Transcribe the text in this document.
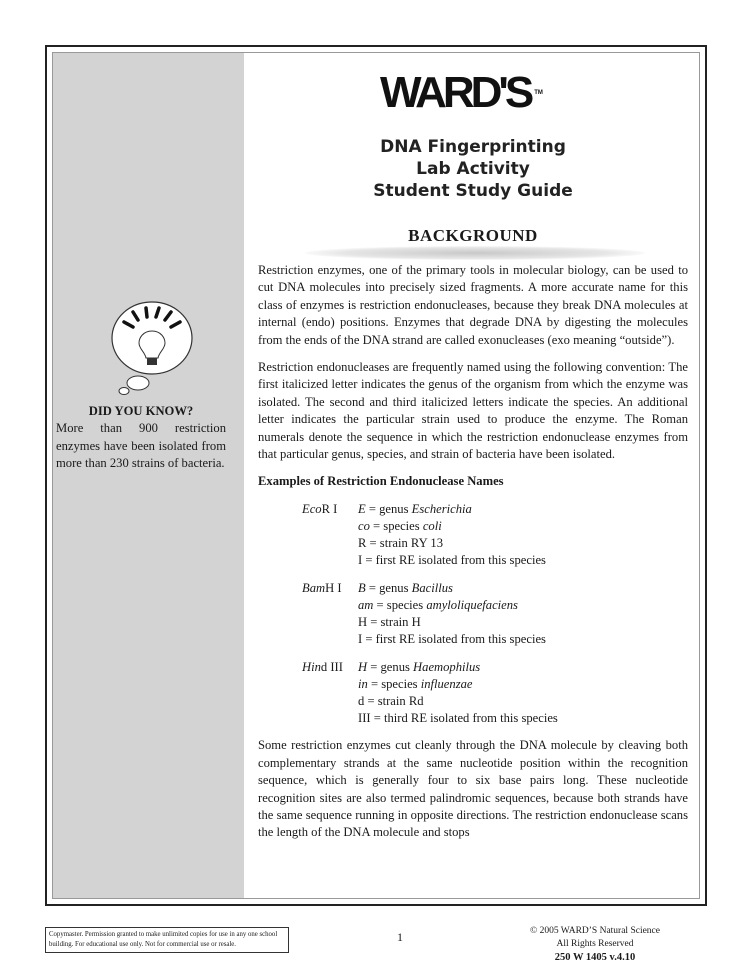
WARD'S ™
DNA Fingerprinting
Lab Activity
Student Study Guide
BACKGROUND
DID YOU KNOW?
More than 900 restriction enzymes have been isolated from more than 230 strains of bacteria.

Restriction enzymes, one of the primary tools in molecular biology, can be used to cut DNA molecules into precisely sized fragments. A more accurate name for this class of enzymes is restriction endonucleases, because they break DNA molecules at internal (endo) positions. Enzymes that degrade DNA by digesting the molecules from the ends of the DNA strand are called exonucleases (exo meaning “outside”).

Restriction endonucleases are frequently named using the following convention: The first italicized letter indicates the genus of the organism from which the enzyme was isolated. The second and third italicized letters indicate the species. An additional letter indicates the particular strain used to produce the enzyme. The Roman numerals denote the sequence in which the restriction endonuclease enzymes from that particular genus, species, and strain of bacteria have been isolated.

Examples of Restriction Endonuclease Names
EcoR I	E = genus Escherichia
co = species coli
R = strain RY 13
I = first RE isolated from this species
BamH I	B = genus Bacillus
am = species amyloliquefaciens
H = strain H
I = first RE isolated from this species
Hind III	H = genus Haemophilus
in = species influenzae
d = strain Rd
III = third RE isolated from this species

Some restriction enzymes cut cleanly through the DNA molecule by cleaving both complementary strands at the same nucleotide position within the recognition sequence, which is generally four to six base pairs long. These nucleotide recognition sites are also termed palindromic sequences, because both strands have the same sequence running in opposite directions. The restriction endonuclease scans the length of the DNA molecule and stops

Copymaster. Permission granted to make unlimited copies for use in any one school building. For educational use only. Not for commercial use or resale.
1	© 2005 WARD’S Natural Science
All Rights Reserved
250 W 1405 v.4.10
